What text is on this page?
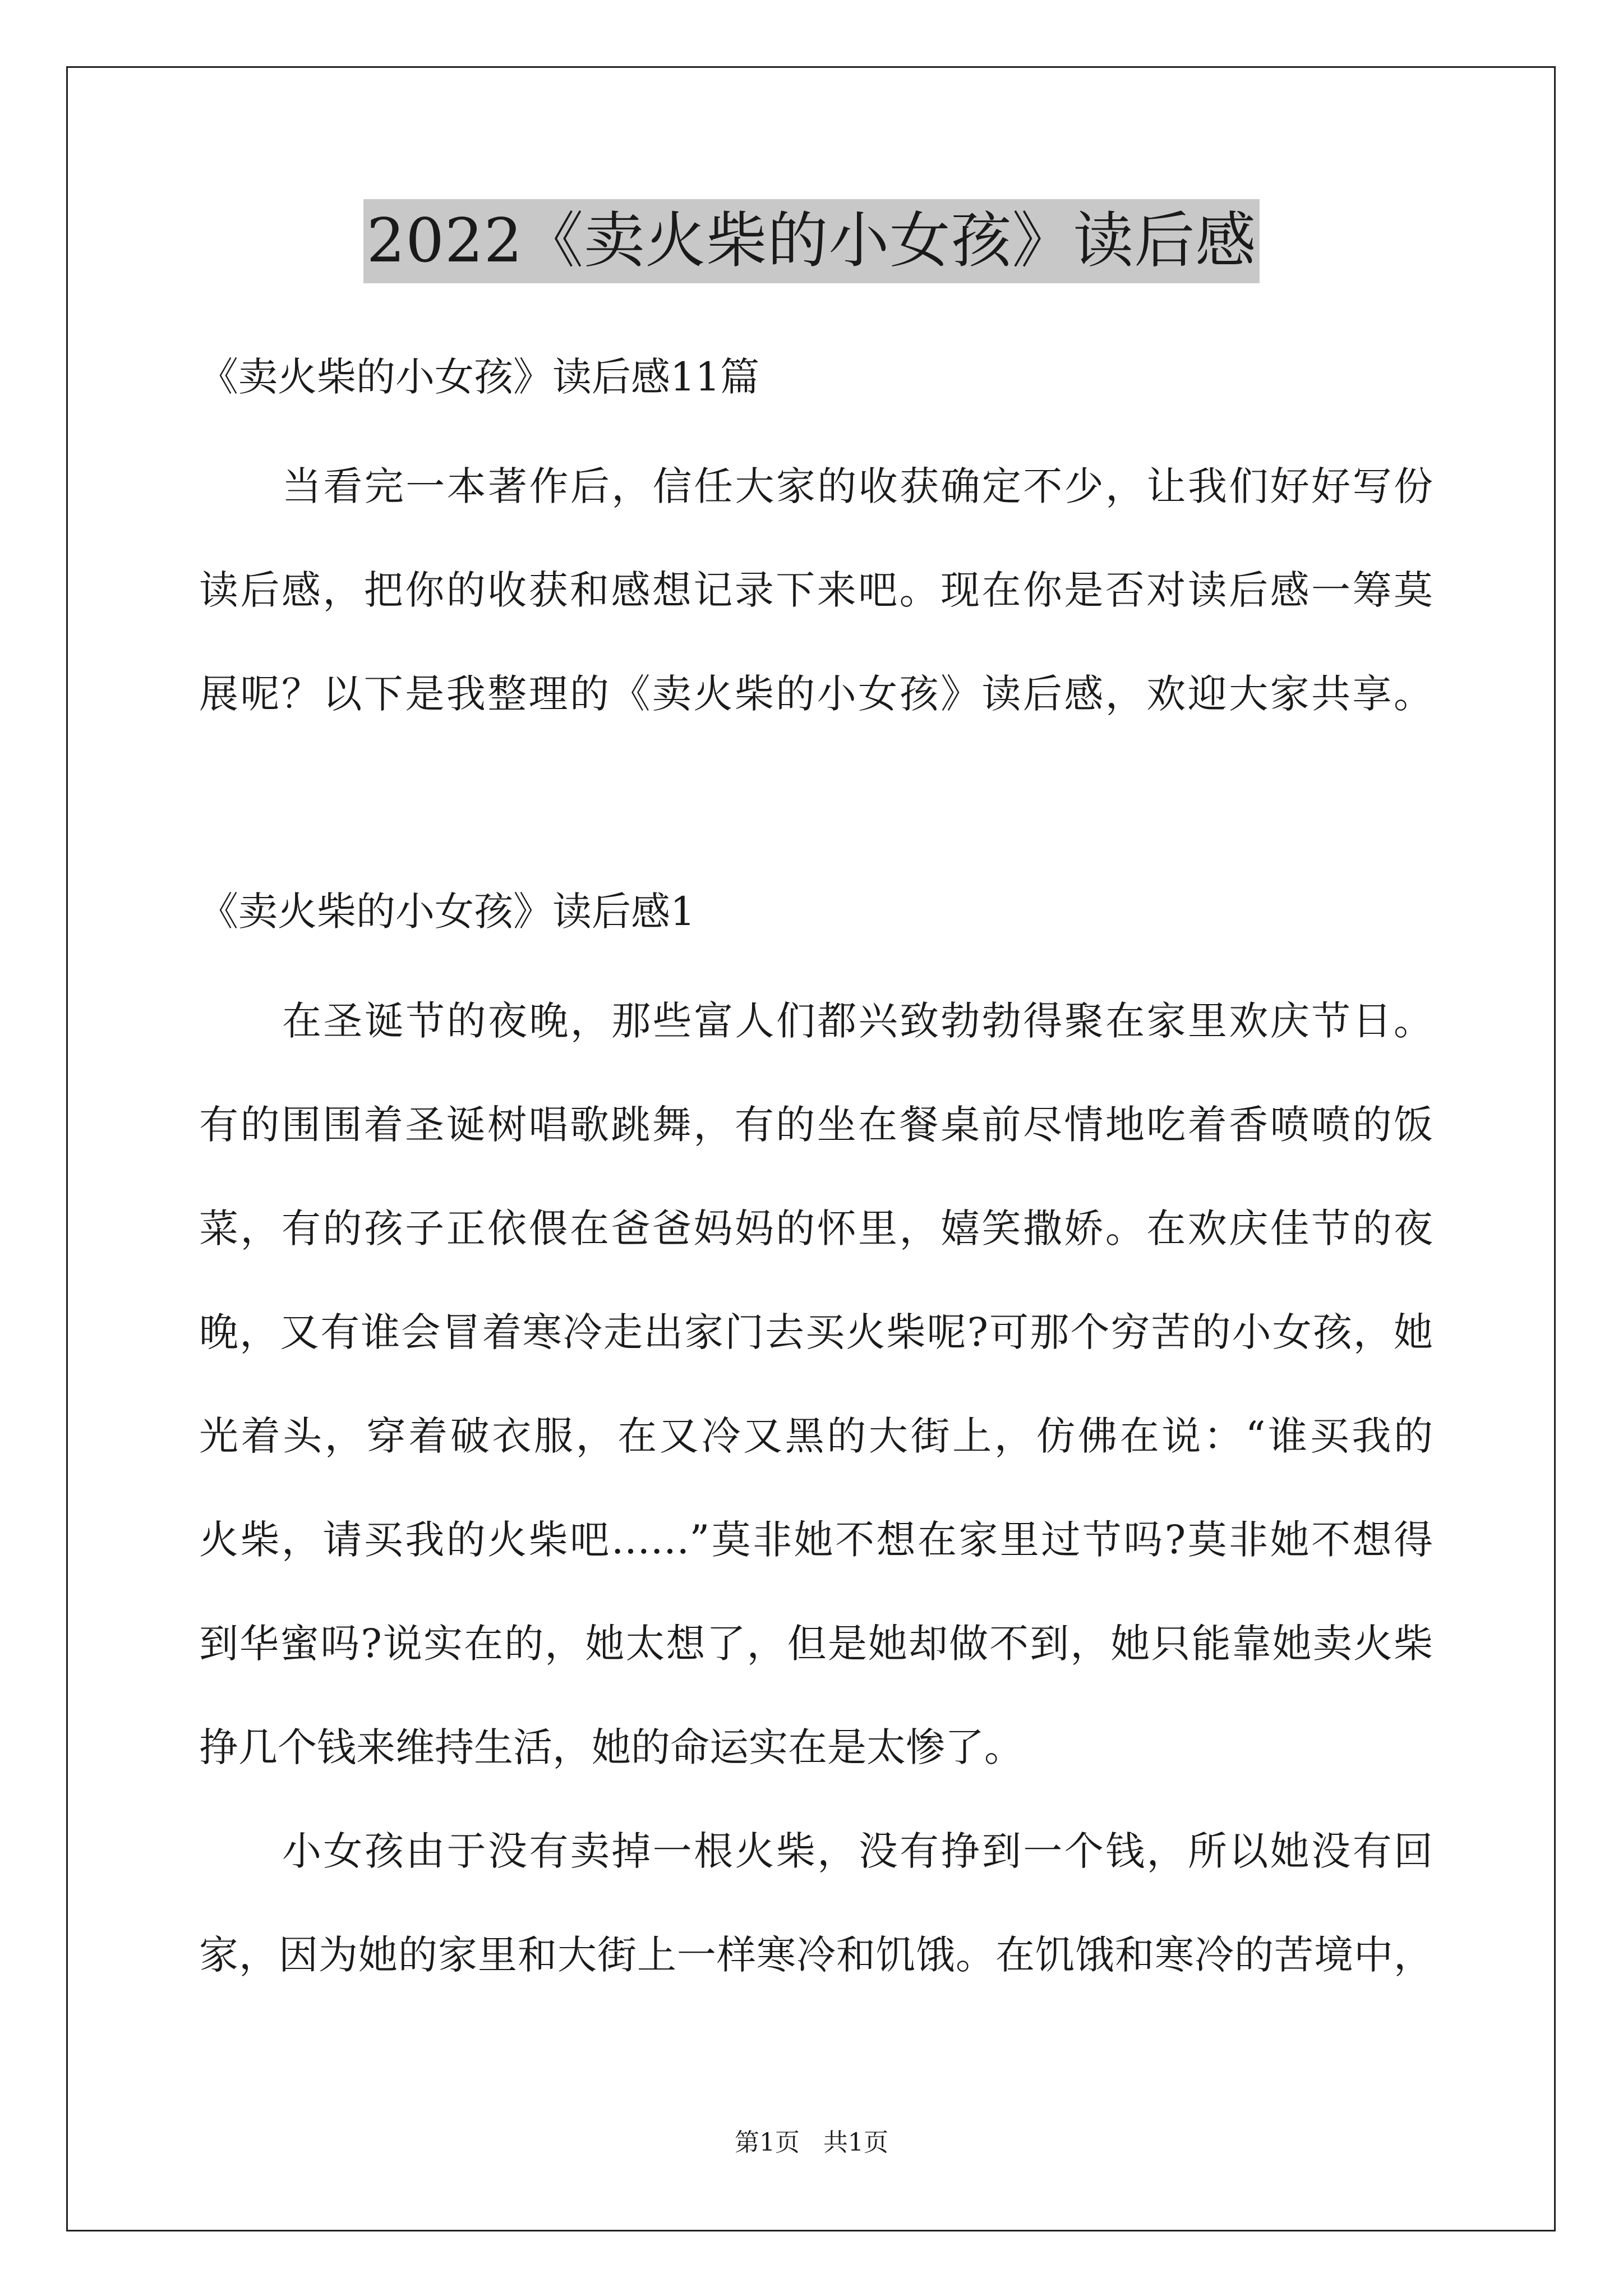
2022《卖火柴的小女孩》读后感
《卖火柴的小女孩》读后感11篇
当看完一本著作后，信任大家的收获确定不少，让我们好好写份
读后感，把你的收获和感想记录下来吧。现在你是否对读后感一筹莫
展呢？以下是我整理的《卖火柴的小女孩》读后感，欢迎大家共享。
《卖火柴的小女孩》读后感1
在圣诞节的夜晚，那些富人们都兴致勃勃得聚在家里欢庆节日。
有的围围着圣诞树唱歌跳舞，有的坐在餐桌前尽情地吃着香喷喷的饭
菜，有的孩子正依偎在爸爸妈妈的怀里，嬉笑撒娇。在欢庆佳节的夜
晚，又有谁会冒着寒冷走出家门去买火柴呢?可那个穷苦的小女孩，她
光着头，穿着破衣服，在又冷又黑的大街上，仿佛在说：“谁买我的
火柴，请买我的火柴吧……”莫非她不想在家里过节吗?莫非她不想得
到华蜜吗?说实在的，她太想了，但是她却做不到，她只能靠她卖火柴
挣几个钱来维持生活，她的命运实在是太惨了。
小女孩由于没有卖掉一根火柴，没有挣到一个钱，所以她没有回
家，因为她的家里和大街上一样寒冷和饥饿。在饥饿和寒冷的苦境中，
第1页   共1页
